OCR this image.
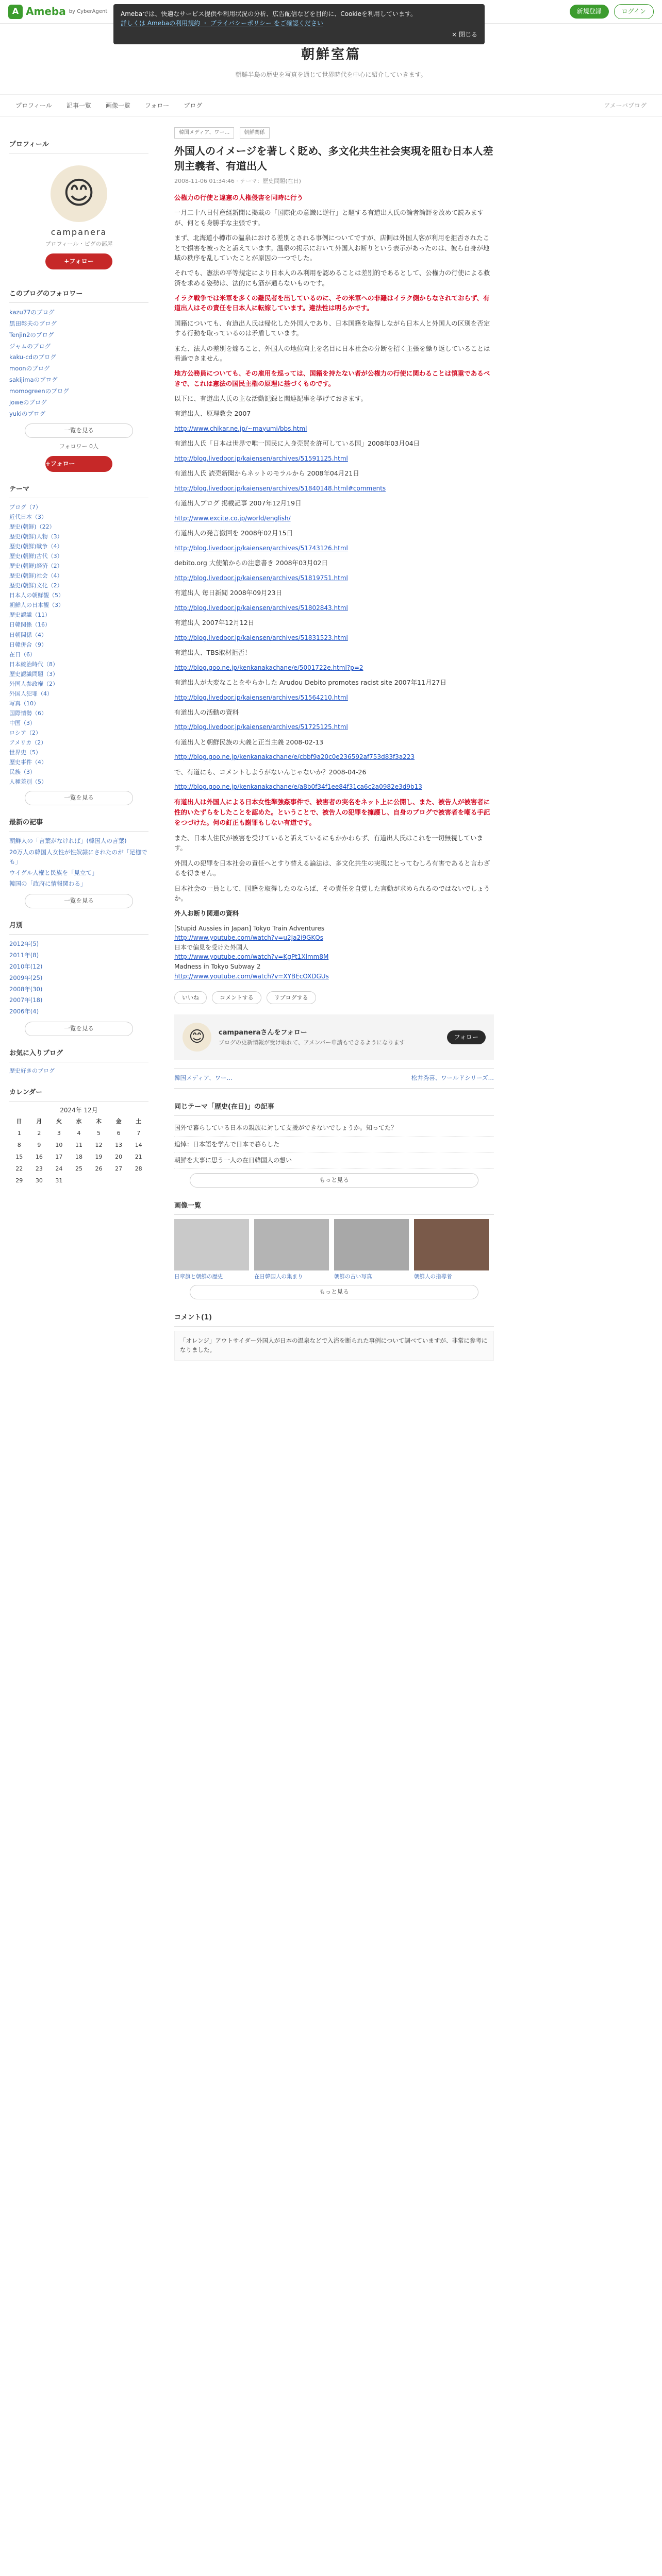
A Ameba by CyberAgent	新規登録	ログイン
Amebaでは、快適なサービス提供や利用状況の分析、広告配信などを目的に、Cookieを利用しています。
詳しくは Amebaの利用規約 ・ プライバシーポリシー をご確認ください
× 閉じる
朝鮮室篇
朝鮮半島の歴史を写真を通じて世界時代を中心に紹介していきます。
プロフィール 記事一覧 画像一覧 フォロー ブログ	アメーバブログ
プロフィール
😊
campanera
プロフィール・ピグの部屋
+フォロー
このブログのフォロワー
kazu77のブログ
黒田彰夫のブログ
Tenjin2のブログ
ジャムのブログ
kaku-cdのブログ
moonのブログ
sakijimaのブログ
momogreenのブログ
joweのブログ
yukiのブログ
一覧を見る
フォロワー 0人
+フォロー
テーマ
ブログ（7）
近代日本（3）
歴史(朝鮮)（22）
歴史(朝鮮)人物（3）
歴史(朝鮮)戦争（4）
歴史(朝鮮)古代（3）
歴史(朝鮮)経済（2）
歴史(朝鮮)社会（4）
歴史(朝鮮)文化（2）
日本人の朝鮮観（5）
朝鮮人の日本観（3）
歴史認識（11）
日韓関係（16）
日朝関係（4）
日韓併合（9）
在日（6）
日本統治時代（8）
歴史認識問題（3）
外国人参政権（2）
外国人犯罪（4）
写真（10）
国際情勢（6）
中国（3）
ロシア（2）
アメリカ（2）
世界史（5）
歴史事件（4）
民族（3）
人種差別（5）
一覧を見る
最新の記事
朝鮮人の「言葉がなければ」(韓国人の言葉)
20万人の韓国人女性が性奴隷にされたのが「足枷でも」
ウイグル人権と民族を「見立て」
韓国の「政府に情報関わる」
一覧を見る
月別
2012年(5)
2011年(8)
2010年(12)
2009年(25)
2008年(30)
2007年(18)
2006年(4)
一覧を見る
お気に入りブログ
歴史好きのブログ
カレンダー
2024年 12月
日	月	火	水	木	金	土
1	2	3	4	5	6	7
8	9	10	11	12	13	14
15	16	17	18	19	20	21
22	23	24	25	26	27	28
29	30	31				
韓国メディア、ワー…	朝鮮関係
外国人のイメージを著しく貶め、多文化共生社会実現を阻む日本人差別主義者、有道出人
2008-11-06 01:34:46 · テーマ：歴史問題(在日)

公権力の行使と違憲の人権侵害を同時に行う

一月二十八日付産経新聞に掲載の「国際化の意識に逆行」と題する有道出人氏の論者論評を改めて読みますが、何とも身勝手な主張です。

まず、北海道小樽市の温泉における差別とされる事例についてですが、店側は外国人客が利用を拒否されたことで損害を被ったと訴えています。温泉の掲示において外国人お断りという表示があったのは、彼ら自身が地域の秩序を乱していたことが原因の一つでした。

それでも、憲法の平等規定により日本人のみ利用を認めることは差別的であるとして、公権力の行使による救済を求める姿勢は、法的にも筋が通らないものです。

イラク戦争では米軍を多くの難民者を出しているのに、その米軍への非難はイラク側からなされておらず、有道出人はその責任を日本人に転嫁しています。違法性は明らかです。

国籍についても、有道出人氏は帰化した外国人であり、日本国籍を取得しながら日本人と外国人の区別を否定する行動を取っているのは矛盾しています。

また、法人の差別を煽ること、外国人の地位向上を名目に日本社会の分断を招く主張を繰り返していることは看過できません。

地方公務員についても、その雇用を巡っては、国籍を持たない者が公権力の行使に関わることは慎重であるべきで、これは憲法の国民主権の原理に基づくものです。

以下に、有道出人氏の主な活動記録と関連記事を挙げておきます。

有道出人、原理教会 2007

http://www.chikar.ne.jp/~mayumi/bbs.html

有道出人氏「日本は世界で唯一国民に人身売買を許可している国」2008年03月04日

http://blog.livedoor.jp/kaiensen/archives/51591125.html

有道出人氏 読売新聞からネットのモラルから 2008年04月21日

http://blog.livedoor.jp/kaiensen/archives/51840148.html#comments

有道出人ブログ 掲載記事 2007年12月19日

http://www.excite.co.jp/world/english/

有道出人の発言撤回を 2008年02月15日

http://blog.livedoor.jp/kaiensen/archives/51743126.html

debito.org 大使館からの注意書き 2008年03月02日

http://blog.livedoor.jp/kaiensen/archives/51819751.html

有道出人 毎日新聞 2008年09月23日

http://blog.livedoor.jp/kaiensen/archives/51802843.html

有道出人 2007年12月12日

http://blog.livedoor.jp/kaiensen/archives/51831523.html

有道出人、TBS取材拒否！

http://blog.goo.ne.jp/kenkanakachane/e/5001722e.html?p=2

有道出人が大変なことをやらかした Arudou Debito promotes racist site 2007年11月27日

http://blog.livedoor.jp/kaiensen/archives/51564210.html

有道出人の活動の資料

http://blog.livedoor.jp/kaiensen/archives/51725125.html

有道出人と朝鮮民族の大義と正当主義 2008-02-13

http://blog.goo.ne.jp/kenkanakachane/e/cbbf9a20c0e236592af753d83f3a223

で、有道にも、コメントしようがないんじゃないか？2008-04-26

http://blog.goo.ne.jp/kenkanakachane/e/a8b0f34f1ee84f31ca6c2a0982e3d9b13

有道出人は外国人による日本女性準強姦事件で、被害者の実名をネット上に公開し、また、被告人が被害者に性的いたずらをしたことを認めた。ということで、被告人の犯罪を擁護し、自身のブログで被害者を嘲る手記をつづけた。何の釘正も謝罪もしない有道です。

また、日本人住民が被害を受けていると訴えているにもかかわらず、有道出人氏はこれを一切無視しています。

外国人の犯罪を日本社会の責任へとすり替える論法は、多文化共生の実現にとってむしろ有害であると言わざるを得ません。

日本社会の一員として、国籍を取得したのならば、その責任を自覚した言動が求められるのではないでしょうか。

外人お断り関連の資料

[Stupid Aussies in Japan] Tokyo Train Adventures
http://www.youtube.com/watch?v=u2Ja2i9GKQs
日本で偏見を受けた外国人
http://www.youtube.com/watch?v=KgPt1Xlmm8M
Madness in Tokyo Subway 2
http://www.youtube.com/watch?v=XYBEcOXDGUs
いいね	コメントする	リブログする
😊	campaneraさんをフォロー
ブログの更新情報が受け取れて、アメンバー申請もできるようになります
フォロー
韓国メディア、ワー…	松井秀喜、ワールドシリーズ…
同じテーマ「歴史(在日)」の記事
国外で暮らしている日本の親族に対して支援ができないでしょうか。知ってた？
追悼：日本語を学んで日本で暮らした
朝鮮を大事に思う一人の在日韓国人の想い
もっと見る
画像一覧
日章旗と朝鮮の歴史	在日韓国人の集まり	朝鮮の古い写真	朝鮮人の指導者
もっと見る
コメント(1)
「オレンジ」アウトサイダー外国人が日本の温泉などで入浴を断られた事例について調べていますが、非常に参考になりました。
